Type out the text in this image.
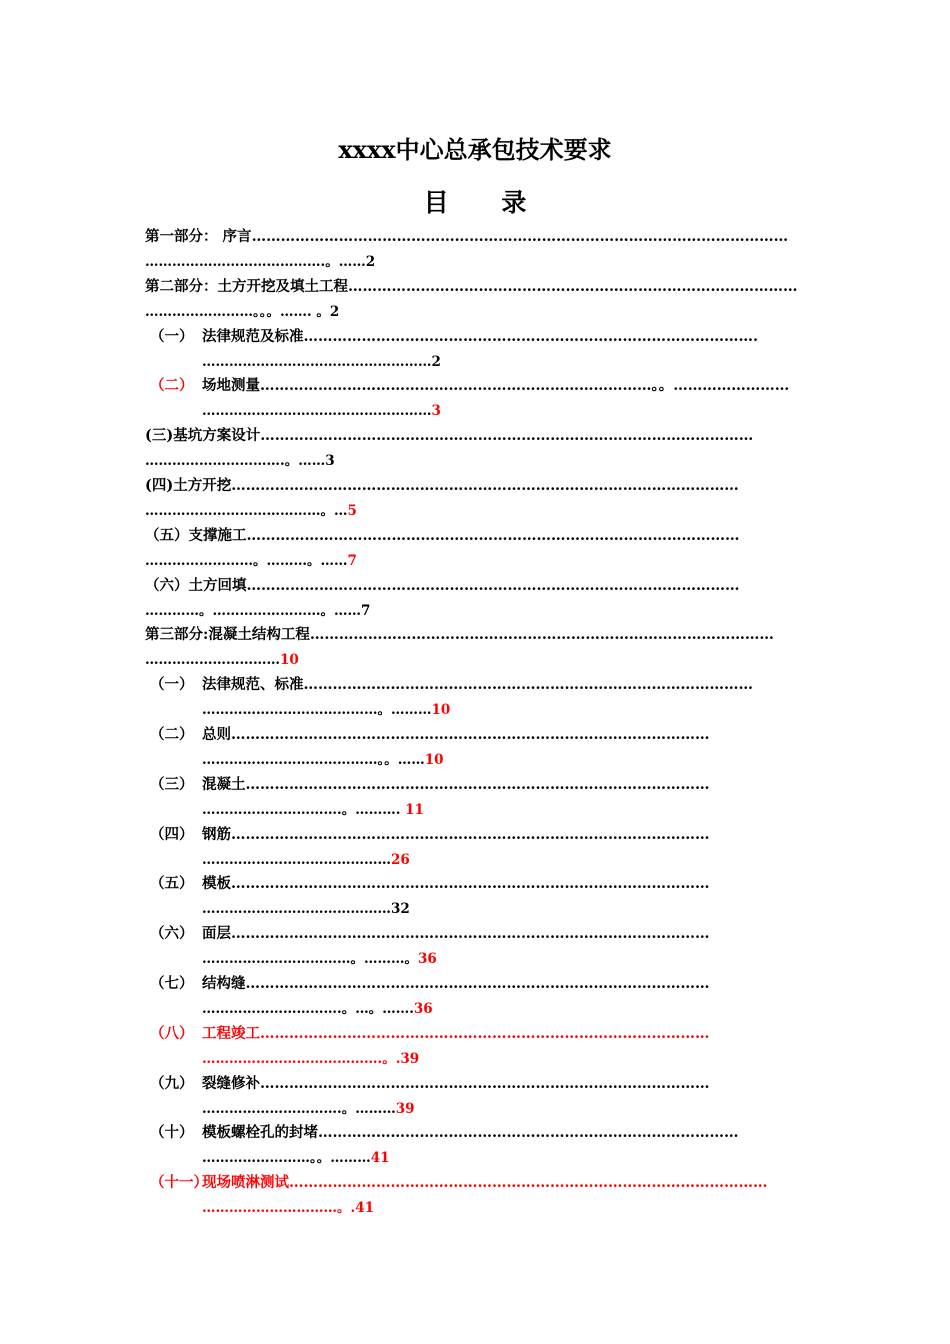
xxxx中心总承包技术要求
目 录
第一部分： 序言…………………………………………………………………………………………………
………………………………….。……2
第二部分：土方开挖及填土工程…………………………………………………………………………………
……………………。。。……. 。2
（一） 法律规范及标准………………………………………………………………………………….
……………………………………………2
（二） 场地测量………………………………………………………………………。。……………………
……………………………………………3
(三)基坑方案设计…………………………………………………………………………………………
………………………….。……3
(四)土方开挖……………………………………………………………………………………………
…………………………………。…5
（五）支撑施工…………………………………………………………………………………………
……………………。………。……7
（六）土方回填…………………………………………………………………………………………
…………。……………………。……7
第三部分:混凝土结构工程……………………………………………………………………………………
…………………………10
（一） 法律规范、标准…………………………………………………………………………………
…………………………………。………10
（二） 总则………………………………………………………………………………………
…………………………………。。……10
（三） 混凝土……………………………………………………………………………………
………………………….。………. 11
（四） 钢筋………………………………………………………………………………………
……………………………………26
（五） 模板………………………………………………………………………………………
……………………………………32
（六） 面层………………………………………………………………………………………
……………………………。………。36
（七） 结构缝……………………………………………………………………………………
………………………….。…。…….36
（八） 工程竣工…………………………………………………………………………………
………………………………….。.39
（九） 裂缝修补…………………………………………………………………………………
………………………….。………39
（十） 模板螺栓孔的封堵……………………………………………………………………………
……………………。。………41
（十一）现场喷淋测试………………………………………………………………………………………
…………………………。.41
